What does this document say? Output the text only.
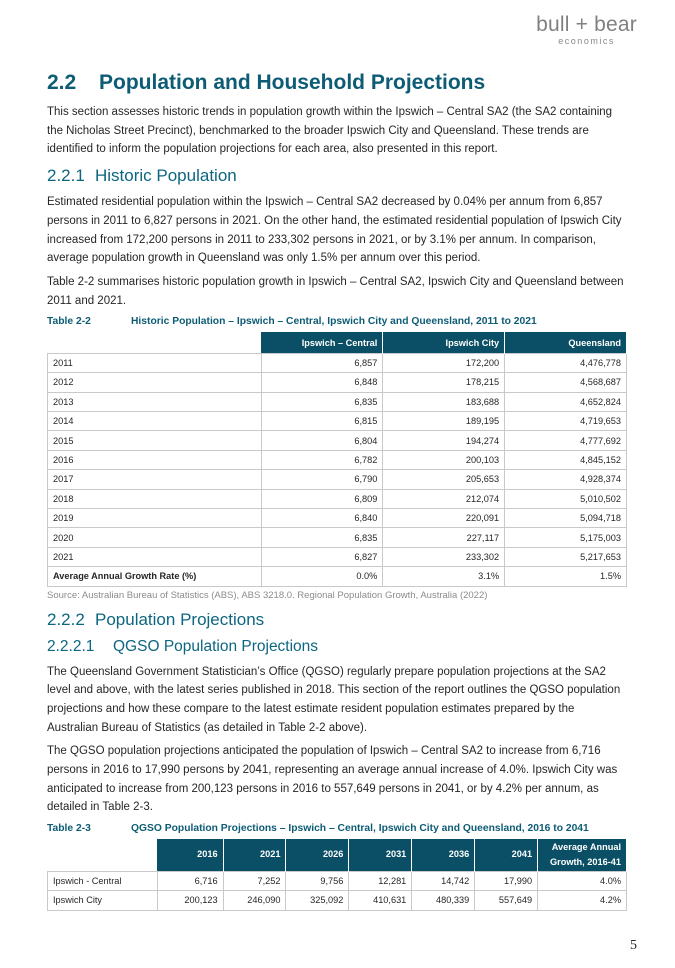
bull + bear
economics
2.2 Population and Household Projections

This section assesses historic trends in population growth within the Ipswich – Central SA2 (the SA2 containing the Nicholas Street Precinct), benchmarked to the broader Ipswich City and Queensland. These trends are identified to inform the population projections for each area, also presented in this report.

2.2.1 Historic Population

Estimated residential population within the Ipswich – Central SA2 decreased by 0.04% per annum from 6,857 persons in 2011 to 6,827 persons in 2021. On the other hand, the estimated residential population of Ipswich City increased from 172,200 persons in 2011 to 233,302 persons in 2021, or by 3.1% per annum. In comparison, average population growth in Queensland was only 1.5% per annum over this period.

Table 2-2 summarises historic population growth in Ipswich – Central SA2, Ipswich City and Queensland between 2011 and 2021.

Table 2-2	Historic Population – Ipswich – Central, Ipswich City and Queensland, 2011 to 2021
	Ipswich – Central	Ipswich City	Queensland
2011	6,857	172,200	4,476,778
2012	6,848	178,215	4,568,687
2013	6,835	183,688	4,652,824
2014	6,815	189,195	4,719,653
2015	6,804	194,274	4,777,692
2016	6,782	200,103	4,845,152
2017	6,790	205,653	4,928,374
2018	6,809	212,074	5,010,502
2019	6,840	220,091	5,094,718
2020	6,835	227,117	5,175,003
2021	6,827	233,302	5,217,653
Average Annual Growth Rate (%)	0.0%	3.1%	1.5%
Source: Australian Bureau of Statistics (ABS), ABS 3218.0. Regional Population Growth, Australia (2022)
2.2.2 Population Projections
2.2.2.1 QGSO Population Projections

The Queensland Government Statistician’s Office (QGSO) regularly prepare population projections at the SA2 level and above, with the latest series published in 2018. This section of the report outlines the QGSO population projections and how these compare to the latest estimate resident population estimates prepared by the Australian Bureau of Statistics (as detailed in Table 2-2 above).

The QGSO population projections anticipated the population of Ipswich – Central SA2 to increase from 6,716 persons in 2016 to 17,990 persons by 2041, representing an average annual increase of 4.0%. Ipswich City was anticipated to increase from 200,123 persons in 2016 to 557,649 persons in 2041, or by 4.2% per annum, as detailed in Table 2-3.

Table 2-3	QGSO Population Projections – Ipswich – Central, Ipswich City and Queensland, 2016 to 2041
	2016	2021	2026	2031	2036	2041	Average Annual Growth, 2016-41
Ipswich - Central	6,716	7,252	9,756	12,281	14,742	17,990	4.0%
Ipswich City	200,123	246,090	325,092	410,631	480,339	557,649	4.2%
5
